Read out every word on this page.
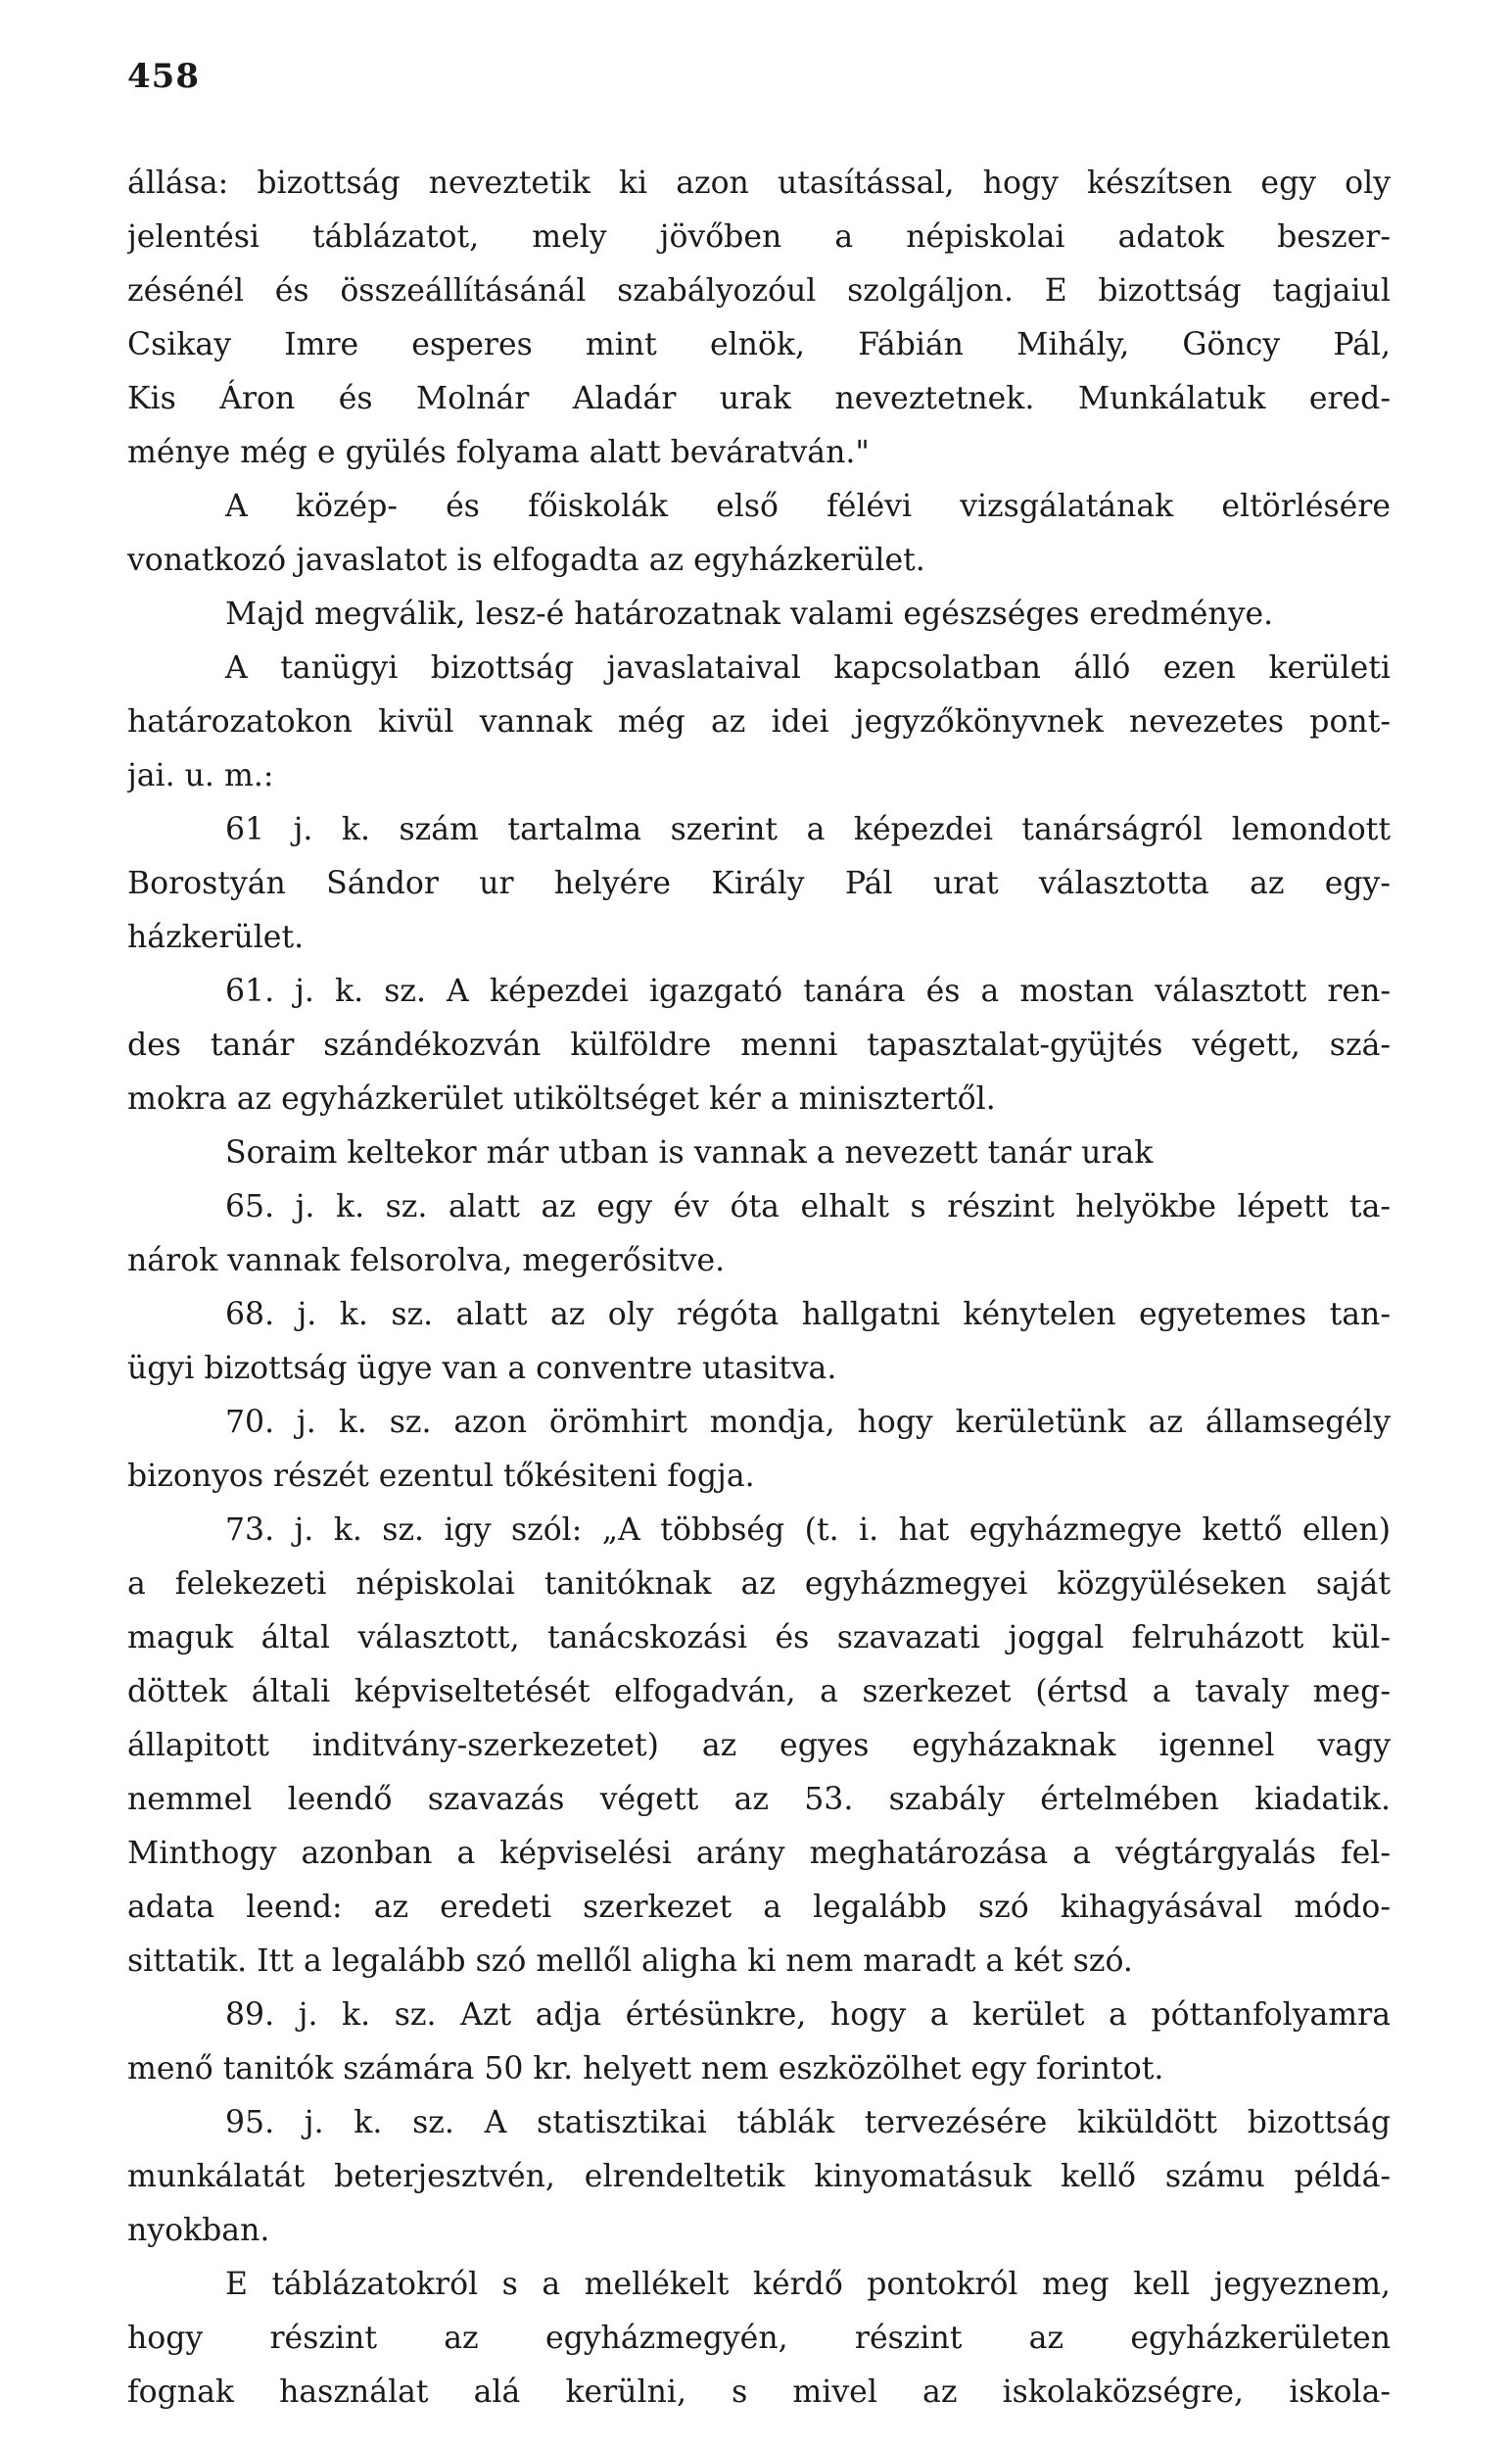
458
állása: bizottság neveztetik ki azon utasítással, hogy készítsen egy oly
jelentési táblázatot, mely jövőben a népiskolai adatok beszer-
zésénél és összeállításánál szabályozóul szolgáljon. E bizottság tagjaiul
Csikay Imre esperes mint elnök, Fábián Mihály, Göncy Pál,
Kis Áron és Molnár Aladár urak neveztetnek. Munkálatuk ered-
ménye még e gyülés folyama alatt beváratván."
A közép- és főiskolák első félévi vizsgálatának eltörlésére
vonatkozó javaslatot is elfogadta az egyházkerület.
Majd megválik, lesz-é határozatnak valami egészséges eredménye.
A tanügyi bizottság javaslataival kapcsolatban álló ezen kerületi
határozatokon kivül vannak még az idei jegyzőkönyvnek nevezetes pont-
jai. u. m.:
61 j. k. szám tartalma szerint a képezdei tanárságról lemondott
Borostyán Sándor ur helyére Király Pál urat választotta az egy-
házkerület.
61. j. k. sz. A képezdei igazgató tanára és a mostan választott ren-
des tanár szándékozván külföldre menni tapasztalat-gyüjtés végett, szá-
mokra az egyházkerület utiköltséget kér a minisztertől.
Soraim keltekor már utban is vannak a nevezett tanár urak
65. j. k. sz. alatt az egy év óta elhalt s részint helyökbe lépett ta-
nárok vannak felsorolva, megerősitve.
68. j. k. sz. alatt az oly régóta hallgatni kénytelen egyetemes tan-
ügyi bizottság ügye van a conventre utasitva.
70. j. k. sz. azon örömhirt mondja, hogy kerületünk az államsegély
bizonyos részét ezentul tőkésiteni fogja.
73. j. k. sz. igy szól: „A többség (t. i. hat egyházmegye kettő ellen)
a felekezeti népiskolai tanitóknak az egyházmegyei közgyüléseken saját
maguk által választott, tanácskozási és szavazati joggal felruházott kül-
döttek általi képviseltetését elfogadván, a szerkezet (értsd a tavaly meg-
állapitott inditvány-szerkezetet) az egyes egyházaknak igennel vagy
nemmel leendő szavazás végett az 53. szabály értelmében kiadatik.
Minthogy azonban a képviselési arány meghatározása a végtárgyalás fel-
adata leend: az eredeti szerkezet a legalább szó kihagyásával módo-
sittatik. Itt a legalább szó mellől aligha ki nem maradt a két szó.
89. j. k. sz. Azt adja értésünkre, hogy a kerület a póttanfolyamra
menő tanitók számára 50 kr. helyett nem eszközölhet egy forintot.
95. j. k. sz. A statisztikai táblák tervezésére kiküldött bizottság
munkálatát beterjesztvén, elrendeltetik kinyomatásuk kellő számu példá-
nyokban.
E táblázatokról s a mellékelt kérdő pontokról meg kell jegyeznem,
hogy részint az egyházmegyén, részint az egyházkerületen
fognak használat alá kerülni, s mivel az iskolaközségre, iskola-
